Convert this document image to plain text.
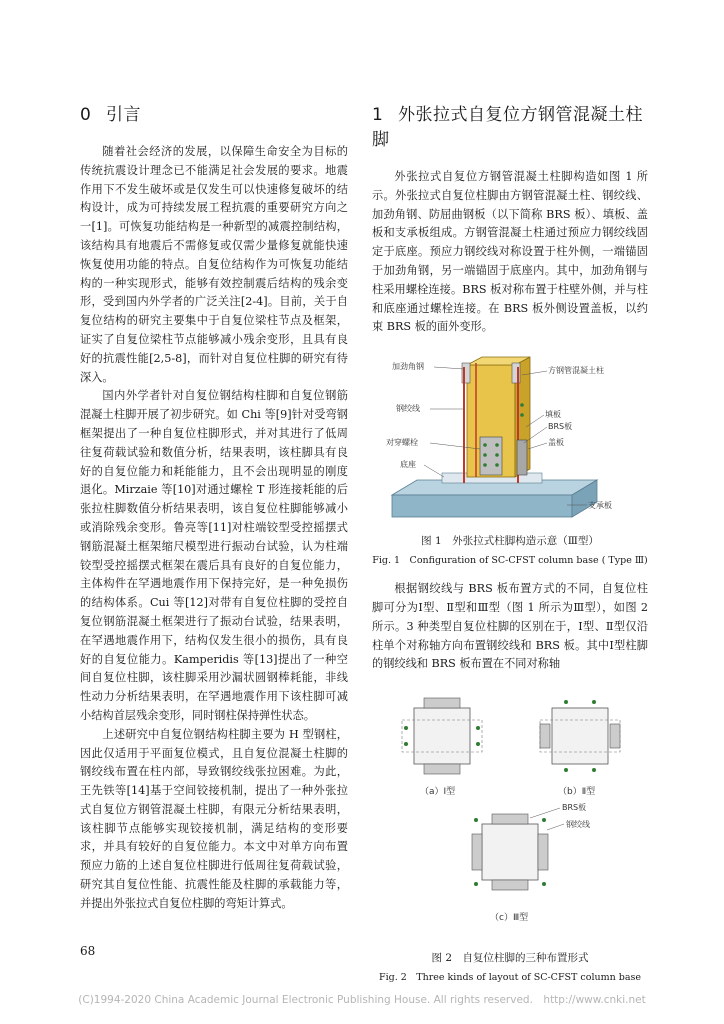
0 引言

随着社会经济的发展，以保障生命安全为目标的传统抗震设计理念已不能满足社会发展的要求。地震作用下不发生破坏或是仅发生可以快速修复破坏的结构设计，成为可持续发展工程抗震的重要研究方向之一[1]。可恢复功能结构是一种新型的减震控制结构，该结构具有地震后不需修复或仅需少量修复就能快速恢复使用功能的特点。自复位结构作为可恢复功能结构的一种实现形式，能够有效控制震后结构的残余变形，受到国内外学者的广泛关注[2-4]。目前，关于自复位结构的研究主要集中于自复位梁柱节点及框架，证实了自复位梁柱节点能够减小残余变形，且具有良好的抗震性能[2,5-8]，而针对自复位柱脚的研究有待深入。

国内外学者针对自复位钢结构柱脚和自复位钢筋混凝土柱脚开展了初步研究。如 Chi 等[9]针对受弯钢框架提出了一种自复位柱脚形式，并对其进行了低周往复荷载试验和数值分析，结果表明，该柱脚具有良好的自复位能力和耗能能力，且不会出现明显的刚度退化。Mirzaie 等[10]对通过螺栓 T 形连接耗能的后张拉柱脚数值分析结果表明，该自复位柱脚能够减小或消除残余变形。鲁亮等[11]对柱端铰型受控摇摆式钢筋混凝土框架缩尺模型进行振动台试验，认为柱端铰型受控摇摆式框架在震后具有良好的自复位能力，主体构件在罕遇地震作用下保持完好，是一种免损伤的结构体系。Cui 等[12]对带有自复位柱脚的受控自复位钢筋混凝土框架进行了振动台试验，结果表明，在罕遇地震作用下，结构仅发生很小的损伤，具有良好的自复位能力。Kamperidis 等[13]提出了一种空间自复位柱脚，该柱脚采用沙漏状圆钢棒耗能，非线性动力分析结果表明，在罕遇地震作用下该柱脚可减小结构首层残余变形，同时钢柱保持弹性状态。

上述研究中自复位钢结构柱脚主要为 H 型钢柱，因此仅适用于平面复位模式，且自复位混凝土柱脚的钢绞线布置在柱内部，导致钢绞线张拉困难。为此，王先铁等[14]基于空间铰接机制，提出了一种外张拉式自复位方钢管混凝土柱脚，有限元分析结果表明，该柱脚节点能够实现铰接机制，满足结构的变形要求，并具有较好的自复位能力。本文中对单方向布置预应力筋的上述自复位柱脚进行低周往复荷载试验，研究其自复位性能、抗震性能及柱脚的承载能力等，并提出外张拉式自复位柱脚的弯矩计算式。

1 外张拉式自复位方钢管混凝土柱脚

外张拉式自复位方钢管混凝土柱脚构造如图 1 所示。外张拉式自复位柱脚由方钢管混凝土柱、钢绞线、加劲角钢、防屈曲钢板（以下简称 BRS 板）、填板、盖板和支承板组成。方钢管混凝土柱通过预应力钢绞线固定于底座。预应力钢绞线对称设置于柱外侧，一端锚固于加劲角钢，另一端锚固于底座内。其中，加劲角钢与柱采用螺栓连接。BRS 板对称布置于柱壁外侧，并与柱和底座通过螺栓连接。在 BRS 板外侧设置盖板，以约束 BRS 板的面外变形。

加劲角钢	方钢管混凝土柱
钢绞线
填板
BRS板
对穿螺栓	盖板
底座
支承板
图 1　外张拉式柱脚构造示意（Ⅲ型）
Fig. 1　Configuration of SC-CFST column base ( Type Ⅲ)

根据钢绞线与 BRS 板布置方式的不同，自复位柱脚可分为Ⅰ型、Ⅱ型和Ⅲ型（图 1 所示为Ⅲ型），如图 2 所示。3 种类型自复位柱脚的区别在于，Ⅰ型、Ⅱ型仅沿柱单个对称轴方向布置钢绞线和 BRS 板。其中Ⅰ型柱脚的钢绞线和 BRS 板布置在不同对称轴

（a）Ⅰ型	（b）Ⅱ型
BRS板
钢绞线
（c）Ⅲ型
图 2　自复位柱脚的三种布置形式
Fig. 2　Three kinds of layout of SC-CFST column base
68
(C)1994-2020 China Academic Journal Electronic Publishing House. All rights reserved.　http://www.cnki.net
